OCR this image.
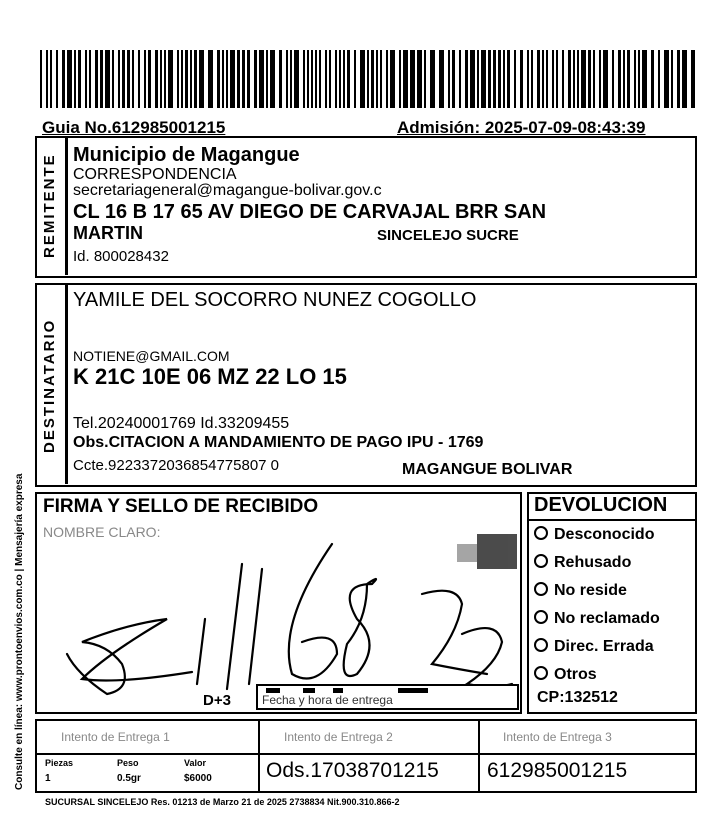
Guia No.612985001215	Admisión: 2025-07-09-08:43:39
REMITENTE Municipio de Magangue
CORRESPONDENCIA
secretariageneral@magangue-bolivar.gov.c
CL 16 B 17 65 AV DIEGO DE CARVAJAL BRR SAN
MARTIN	SINCELEJO SUCRE
Id. 800028432
DESTINATARIO
YAMILE DEL SOCORRO NUNEZ COGOLLO
NOTIENE@GMAIL.COM
K 21C 10E 06 MZ 22 LO 15
Tel.20240001769 Id.33209455
Obs.CITACION A MANDAMIENTO DE PAGO IPU - 1769
Ccte.9223372036854775807 0	MAGANGUE BOLIVAR
Consulte en línea: www.prontoenvios.com.co | Mensajería expresa FIRMA Y SELLO DE RECIBIDO
NOMBRE CLARO:
D+3	Fecha y hora de entrega
DEVOLUCION
Desconocido
Rehusado
No reside
No reclamado
Direc. Errada
Otros
CP:132512
Intento de Entrega 1	Intento de Entrega 2	Intento de Entrega 3
Piezas	Peso	Valor
1	0.5gr	$6000	Ods.17038701215 612985001215
SUCURSAL SINCELEJO Res. 01213 de Marzo 21 de 2025 2738834 Nit.900.310.866-2
